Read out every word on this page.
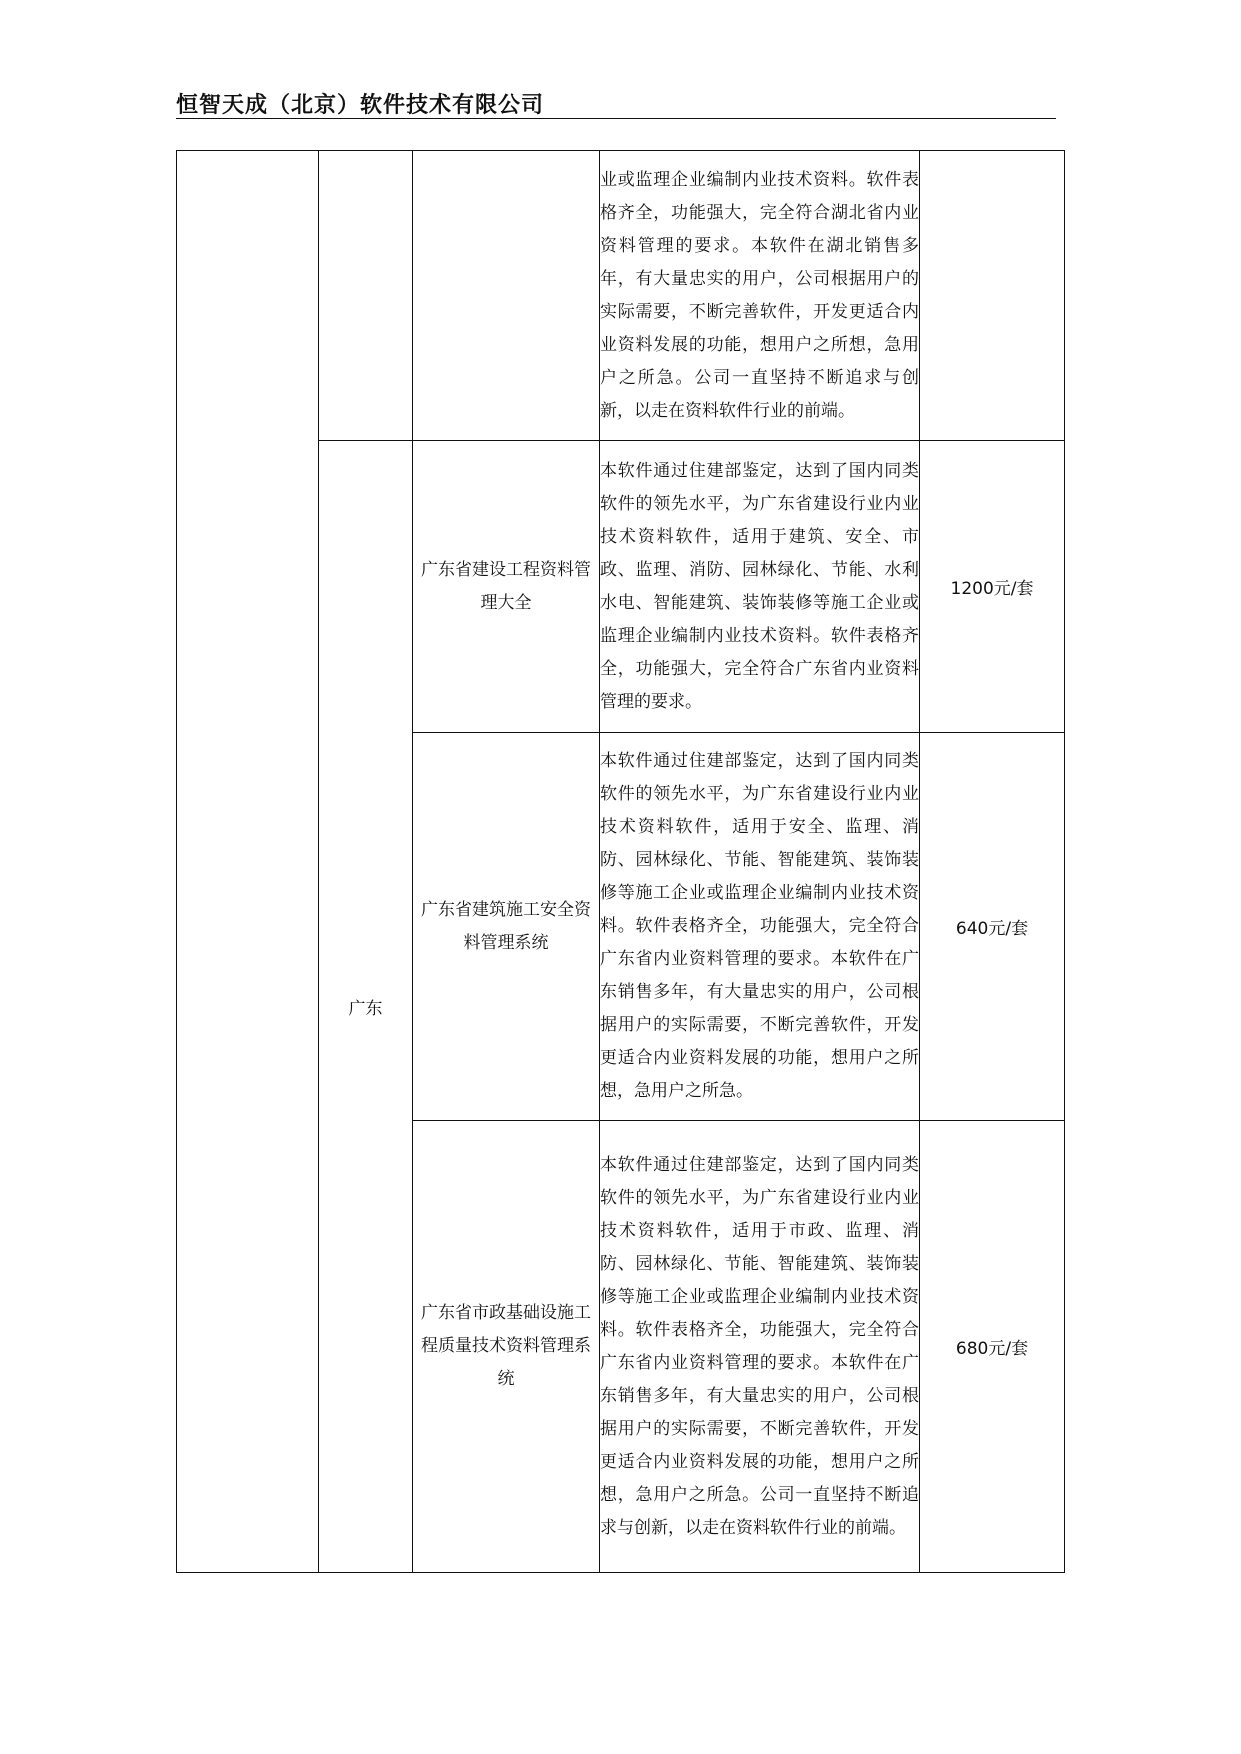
恒智天成（北京）软件技术有限公司
			业或监理企业编制内业技术资料。软件表格齐全，功能强大，完全符合湖北省内业资料管理的要求。本软件在湖北销售多年，有大量忠实的用户，公司根据用户的实际需要，不断完善软件，开发更适合内业资料发展的功能，想用户之所想，急用户之所急。公司一直坚持不断追求与创新，以走在资料软件行业的前端。	
	广东	广东省建设工程资料管理大全	本软件通过住建部鉴定，达到了国内同类软件的领先水平，为广东省建设行业内业技术资料软件，适用于建筑、安全、市政、监理、消防、园林绿化、节能、水利水电、智能建筑、装饰装修等施工企业或监理企业编制内业技术资料。软件表格齐全，功能强大，完全符合广东省内业资料管理的要求。	1200元/套
		广东省建筑施工安全资料管理系统	本软件通过住建部鉴定，达到了国内同类软件的领先水平，为广东省建设行业内业技术资料软件，适用于安全、监理、消防、园林绿化、节能、智能建筑、装饰装修等施工企业或监理企业编制内业技术资料。软件表格齐全，功能强大，完全符合广东省内业资料管理的要求。本软件在广东销售多年，有大量忠实的用户，公司根据用户的实际需要，不断完善软件，开发更适合内业资料发展的功能，想用户之所想，急用户之所急。	640元/套
		广东省市政基础设施工程质量技术资料管理系统	本软件通过住建部鉴定，达到了国内同类软件的领先水平，为广东省建设行业内业技术资料软件，适用于市政、监理、消防、园林绿化、节能、智能建筑、装饰装修等施工企业或监理企业编制内业技术资料。软件表格齐全，功能强大，完全符合广东省内业资料管理的要求。本软件在广东销售多年，有大量忠实的用户，公司根据用户的实际需要，不断完善软件，开发更适合内业资料发展的功能，想用户之所想，急用户之所急。公司一直坚持不断追求与创新，以走在资料软件行业的前端。	680元/套
